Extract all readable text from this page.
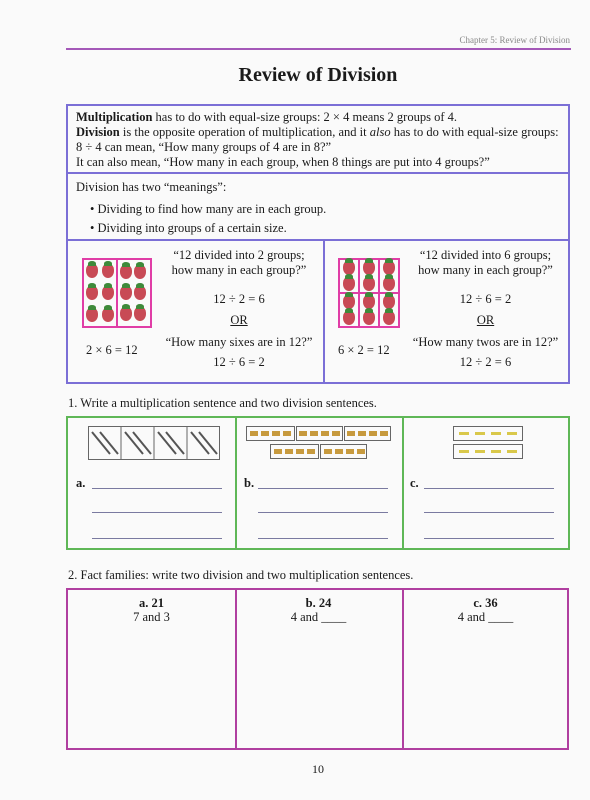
Chapter 5: Review of Division
Review of Division
Multiplication has to do with equal-size groups: 2 × 4 means 2 groups of 4.
Division is the opposite operation of multiplication, and it also has to do with equal-size groups:
8 ÷ 4 can mean, “How many groups of 4 are in 8?”
It can also mean, “How many in each group, when 8 things are put into 4 groups?”
Division has two “meanings”:
• Dividing to find how many are in each group.
• Dividing into groups of a certain size.
“12 divided into 2 groups;
how many in each group?”
12 ÷ 2 = 6
OR
2 × 6 = 12
“How many sixes are in 12?”
12 ÷ 6 = 2
“12 divided into 6 groups;
how many in each group?”
12 ÷ 6 = 2
OR
6 × 2 = 12
“How many twos are in 12?”
12 ÷ 2 = 6
1. Write a multiplication sentence and two division sentences.
a.	b.	c.
2. Fact families: write two division and two multiplication sentences.
a. 21
7 and 3
b. 24
4 and ____
c. 36
4 and ____
10
